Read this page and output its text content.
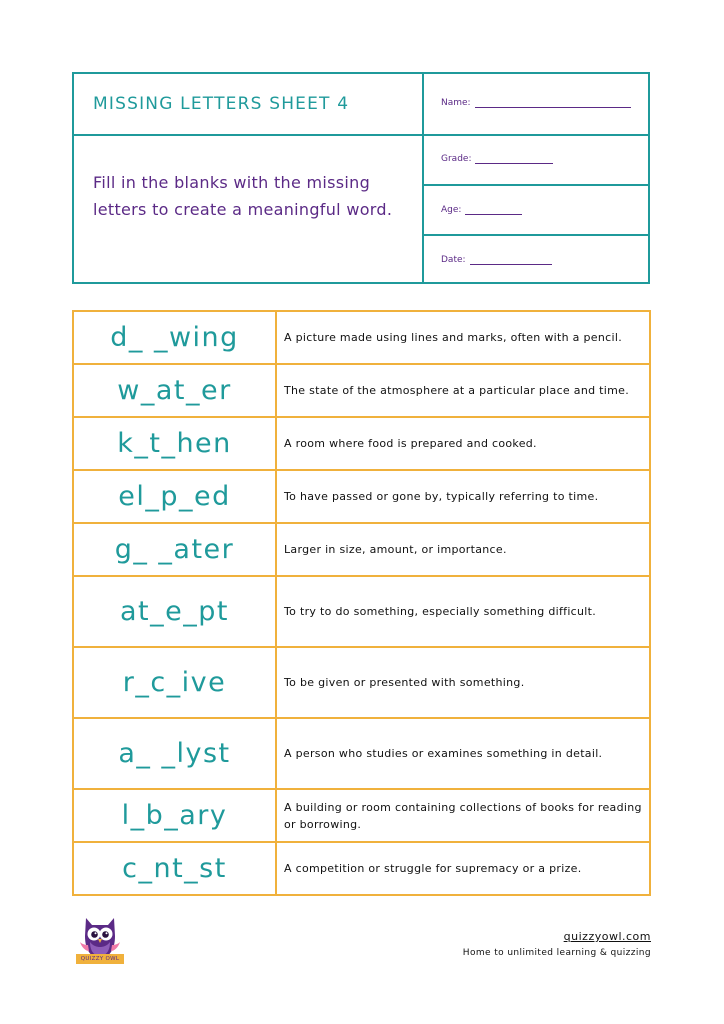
MISSING LETTERS SHEET 4
Fill in the blanks with the missing letters to create a meaningful word.
Name:
Grade:
Age:
Date:
d_ _wing	A picture made using lines and marks, often with a pencil.
w_at_er	The state of the atmosphere at a particular place and time.
k_t_hen	A room where food is prepared and cooked.
el_p_ed	To have passed or gone by, typically referring to time.
g_ _ater	Larger in size, amount, or importance.
at_e_pt	To try to do something, especially something difficult.
r_c_ive	To be given or presented with something.
a_ _lyst	A person who studies or examines something in detail.
l_b_ary	A building or room containing collections of books for reading or borrowing.
c_nt_st	A competition or struggle for supremacy or a prize.
QUIZZY OWL
quizzyowl.com
Home to unlimited learning & quizzing
